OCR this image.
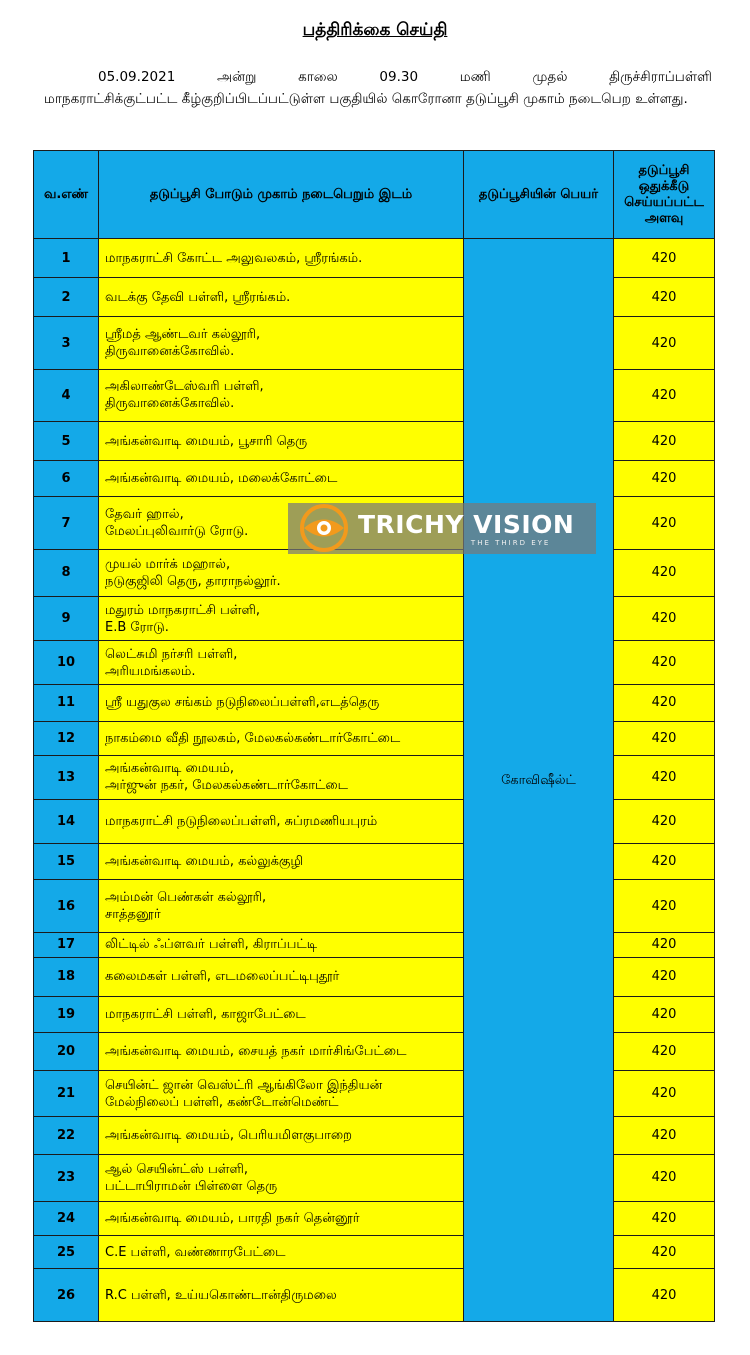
பத்திரிக்கை செய்தி
05.09.2021	அன்று	காலை	09.30	மணி	முதல்	திருச்சிராப்பள்ளி
மாநகராட்சிக்குட்பட்ட கீழ்குறிப்பிடப்பட்டுள்ள பகுதியில் கொரோனா தடுப்பூசி முகாம் நடைபெற உள்ளது.
வ.எண்	தடுப்பூசி போடும் முகாம் நடைபெறும் இடம்	தடுப்பூசியின் பெயர்	தடுப்பூசி ஒதுக்கீடு செய்யப்பட்ட அளவு
1	மாநகராட்சி கோட்ட அலுவலகம், ஸ்ரீரங்கம்.	கோவிஷீல்ட்	420
2	வடக்கு தேவி பள்ளி, ஸ்ரீரங்கம்.		420
3	ஸ்ரீமத் ஆண்டவர் கல்லூரி,
திருவானைக்கோவில்.		420
4	அகிலாண்டேஸ்வரி பள்ளி,
திருவானைக்கோவில்.		420
5	அங்கன்வாடி மையம், பூசாரி தெரு		420
6	அங்கன்வாடி மையம், மலைக்கோட்டை		420
7	தேவர் ஹால்,
மேலப்புலிவார்டு ரோடு.		420
8	முயல் மார்க் மஹால்,
நடுகுஜிலி தெரு, தாராநல்லூர்.		420
9	மதுரம் மாநகராட்சி பள்ளி,
E.B ரோடு.		420
10	லெட்சுமி நர்சரி பள்ளி,
அரியமங்கலம்.		420
11	ஸ்ரீ யதுகுல சங்கம் நடுநிலைப்பள்ளி,எடத்தெரு		420
12	நாகம்மை வீதி நூலகம், மேலகல்கண்டார்கோட்டை		420
13	அங்கன்வாடி மையம்,
அர்ஜுன் நகர், மேலகல்கண்டார்கோட்டை		420
14	மாநகராட்சி நடுநிலைப்பள்ளி, சுப்ரமணியபுரம்		420
15	அங்கன்வாடி மையம், கல்லுக்குழி		420
16	அம்மன் பெண்கள் கல்லூரி,
சாத்தனூர்		420
17	லிட்டில் ஃப்ளவர் பள்ளி, கிராப்பட்டி		420
18	கலைமகள் பள்ளி, எடமலைப்பட்டிபுதூர்		420
19	மாநகராட்சி பள்ளி, காஜாபேட்டை		420
20	அங்கன்வாடி மையம், சையத் நகர் மார்சிங்பேட்டை		420
21	செயின்ட் ஜான் வெஸ்ட்ரி ஆங்கிலோ இந்தியன்
மேல்நிலைப் பள்ளி, கண்டோன்மெண்ட்		420
22	அங்கன்வாடி மையம், பெரியமிளகுபாறை		420
23	ஆல் செயின்ட்ஸ் பள்ளி,
பட்டாபிராமன் பிள்ளை தெரு		420
24	அங்கன்வாடி மையம், பாரதி நகர் தென்னூர்		420
25	C.E பள்ளி, வண்ணாரபேட்டை		420
26	R.C பள்ளி, உய்யகொண்டான்திருமலை		420
TRICHY VISION
THE THIRD EYE
